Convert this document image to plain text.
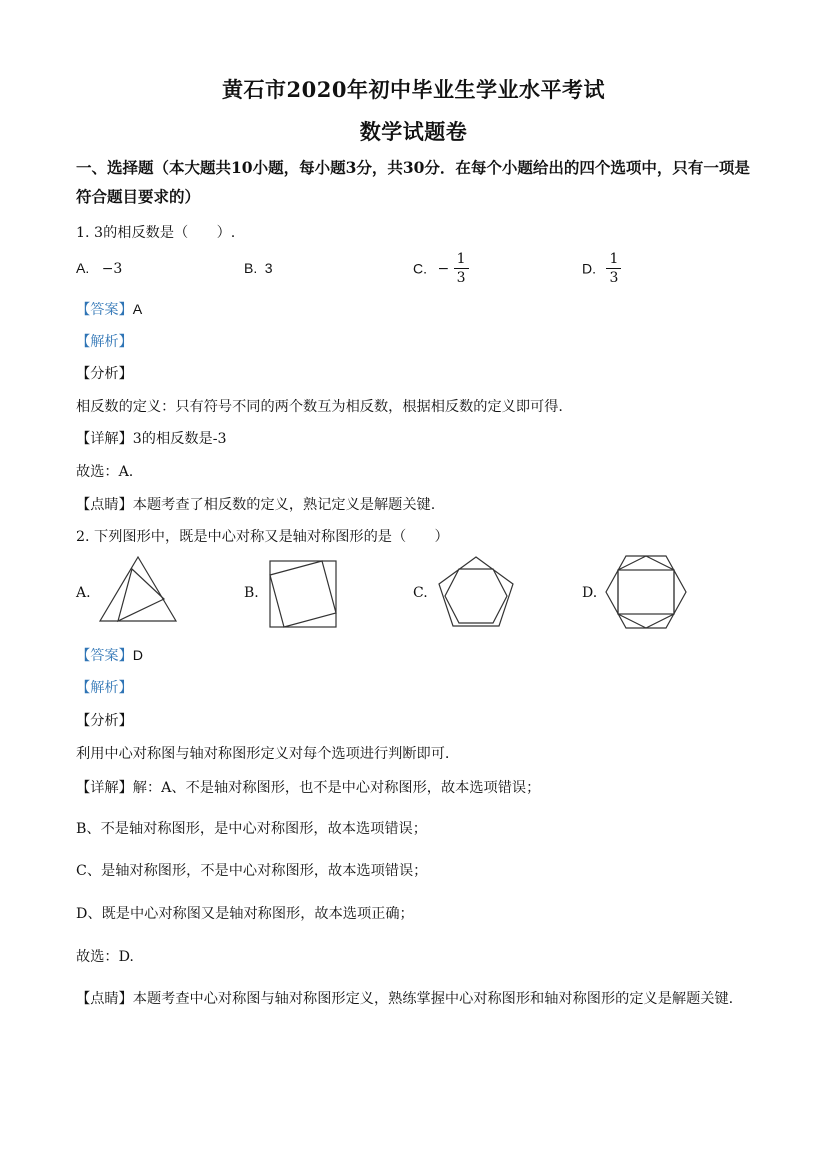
黄石市2020年初中毕业生学业水平考试
数学试题卷
一、选择题（本大题共10小题，每小题3分，共30分．在每个小题给出的四个选项中，只有一项是符合题目要求的）
1. 3的相反数是（　　）.
A. −3	B. 3	C. − $\frac{1}{3}$	D. $\frac{1}{3}$
【答案】A
【解析】
【分析】
相反数的定义：只有符号不同的两个数互为相反数，根据相反数的定义即可得.
【详解】3的相反数是-3
故选：A.
【点睛】本题考查了相反数的定义，熟记定义是解题关键.
2. 下列图形中，既是中心对称又是轴对称图形的是（　　）
A.	B.	C.	D.
【答案】D
【解析】
【分析】
利用中心对称图与轴对称图形定义对每个选项进行判断即可.
【详解】解：A、不是轴对称图形，也不是中心对称图形，故本选项错误；
B、不是轴对称图形，是中心对称图形，故本选项错误；
C、是轴对称图形，不是中心对称图形，故本选项错误；
D、既是中心对称图又是轴对称图形，故本选项正确；
故选：D.
【点睛】本题考查中心对称图与轴对称图形定义，熟练掌握中心对称图形和轴对称图形的定义是解题关键.
